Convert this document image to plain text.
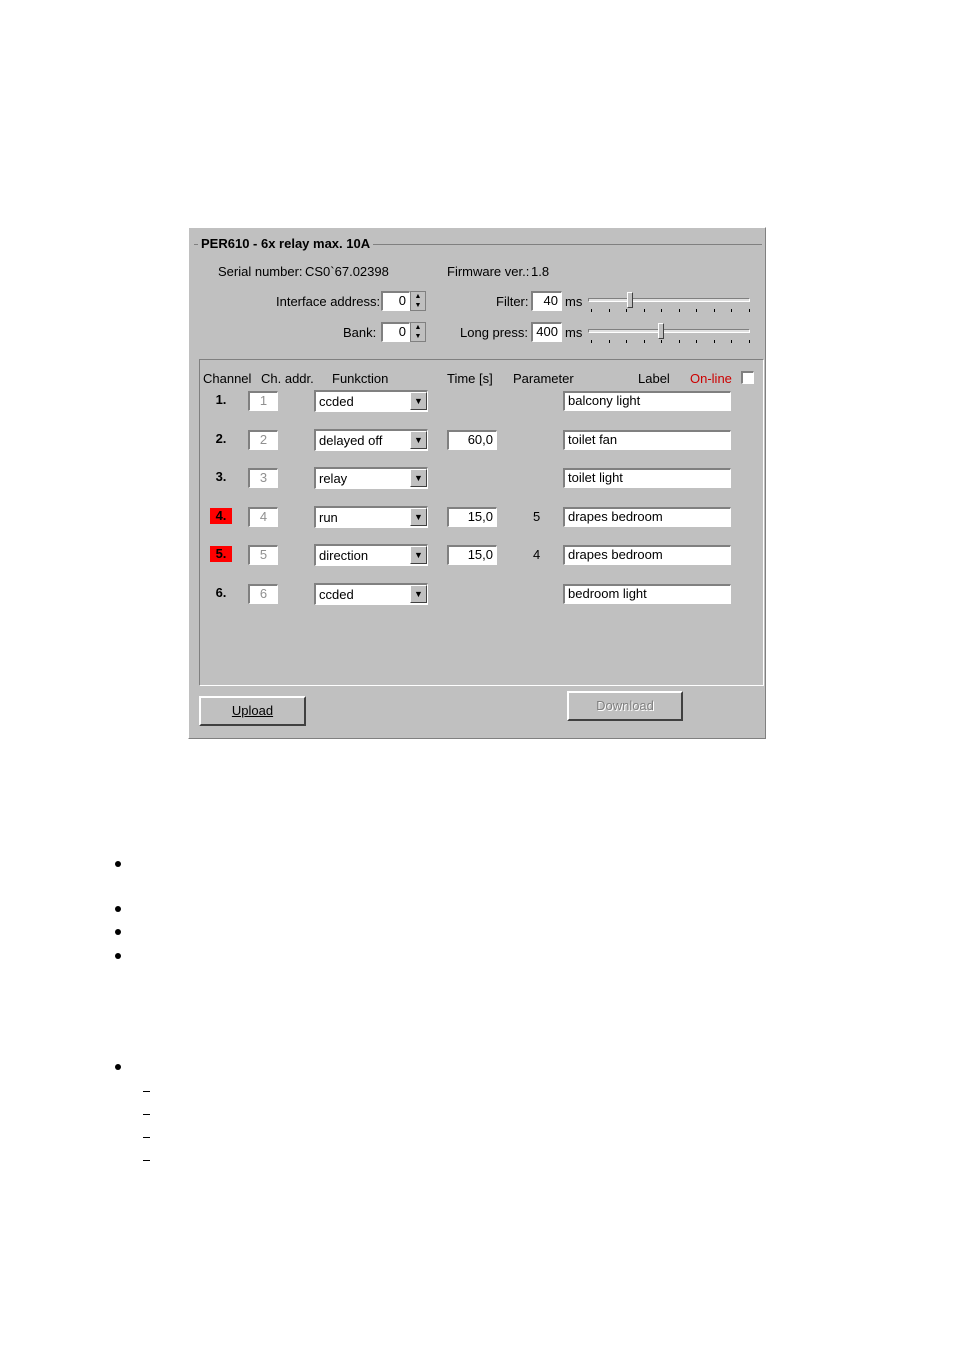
PER610 - 6x relay max. 10A
Serial number: CS0`67.02398	Firmware ver.: 1.8
Interface address:	0	▲
▼
Bank:	0	▲
▼
Filter:	40 ms
Long press: 400 ms
Channel Ch. addr. Funkction	Time [s] Parameter	Label On-line
1.	1	ccded	▼	balcony light
2.	2	delayed off	▼	60,0	toilet fan
3.	3	relay	▼	toilet light
4.	4	run	▼	15,0	5	drapes bedroom
5.	5	direction	▼	15,0	4	drapes bedroom
6.	6	ccded	▼	bedroom light
Upload	Download
